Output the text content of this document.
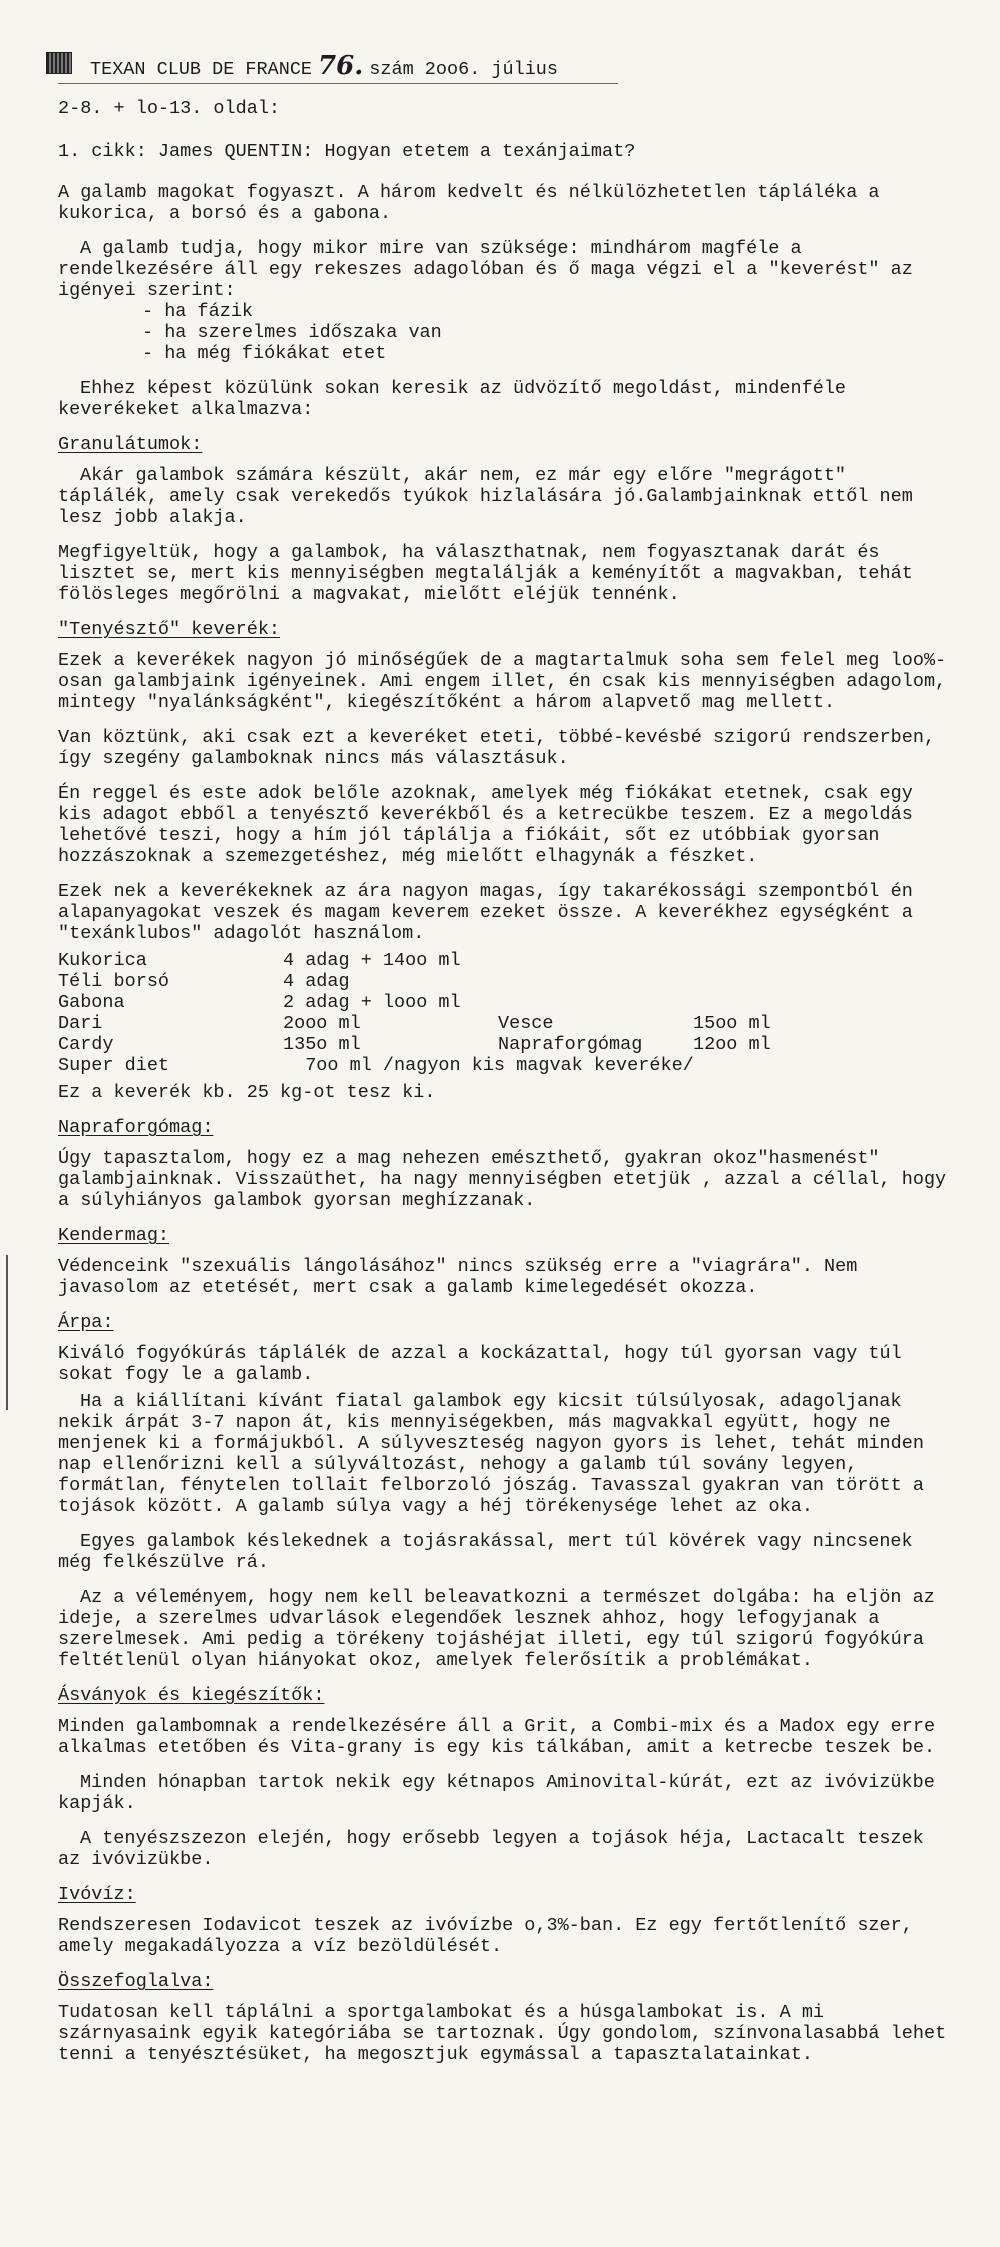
TEXAN CLUB DE FRANCE 76. szám 2oo6. július

2-8. + lo-13. oldal:

1. cikk: James QUENTIN: Hogyan etetem a texánjaimat?

A galamb magokat fogyaszt. A három kedvelt és nélkülözhetetlen tápláléka a kukorica, a borsó és a gabona.

A galamb tudja, hogy mikor mire van szüksége: mindhárom magféle a rendelkezésére áll egy rekeszes adagolóban és ő maga végzi el a "keverést" az igényei szerint:

- ha fázik

- ha szerelmes időszaka van

- ha még fiókákat etet

Ehhez képest közülünk sokan keresik az üdvözítő megoldást, mindenféle keverékeket alkalmazva:

Granulátumok:

Akár galambok számára készült, akár nem, ez már egy előre "megrágott" táplálék, amely csak verekedős tyúkok hizlalására jó.Galambjainknak ettől nem lesz jobb alakja.

Megfigyeltük, hogy a galambok, ha választhatnak, nem fogyasztanak darát és lisztet se, mert kis mennyiségben megtalálják a keményítőt a magvakban, tehát fölösleges megőrölni a magvakat, mielőtt eléjük tennénk.

"Tenyésztő" keverék:

Ezek a keverékek nagyon jó minőségűek de a magtartalmuk soha sem felel meg loo%-osan galambjaink igényeinek. Ami engem illet, én csak kis mennyiségben adagolom, mintegy "nyalánkságként", kiegészítőként a három alapvető mag mellett.

Van köztünk, aki csak ezt a keveréket eteti, többé-kevésbé szigorú rendszerben, így szegény galamboknak nincs más választásuk.

Én reggel és este adok belőle azoknak, amelyek még fiókákat etetnek, csak egy kis adagot ebből a tenyésztő keverékből és a ketrecükbe teszem. Ez a megoldás lehetővé teszi, hogy a hím jól táplálja a fiókáit, sőt ez utóbbiak gyorsan hozzászoknak a szemezgetéshez, még mielőtt elhagynák a fészket.

Ezek nek a keverékeknek az ára nagyon magas, így takarékossági szempontból én alapanyagokat veszek és magam keverem ezeket össze. A keverékhez egységként a "texánklubos" adagolót használom.

Kukorica	4 adag + 14oo ml		
Téli borsó	4 adag		
Gabona	2 adag + looo ml		
Dari	2ooo ml	Vesce	15oo ml
Cardy	135o ml	Napraforgómag	12oo ml
Super diet	7oo ml /nagyon kis magvak keveréke/		

Ez a keverék kb. 25 kg-ot tesz ki.

Napraforgómag:

Úgy tapasztalom, hogy ez a mag nehezen emészthető, gyakran okoz"hasmenést" galambjainknak. Visszaüthet, ha nagy mennyiségben etetjük , azzal a céllal, hogy a súlyhiányos galambok gyorsan meghízzanak.

Kendermag:

Védenceink "szexuális lángolásához" nincs szükség erre a "viagrára". Nem javasolom az etetését, mert csak a galamb kimelegedését okozza.

Árpa:

Kiváló fogyókúrás táplálék de azzal a kockázattal, hogy túl gyorsan vagy túl sokat fogy le a galamb.

Ha a kiállítani kívánt fiatal galambok egy kicsit túlsúlyosak, adagoljanak nekik árpát 3-7 napon át, kis mennyiségekben, más magvakkal együtt, hogy ne menjenek ki a formájukból. A súlyveszteség nagyon gyors is lehet, tehát minden nap ellenőrizni kell a súlyváltozást, nehogy a galamb túl sovány legyen, formátlan, fénytelen tollait felborzoló jószág. Tavasszal gyakran van törött a tojások között. A galamb súlya vagy a héj törékenysége lehet az oka.

Egyes galambok késlekednek a tojásrakással, mert túl kövérek vagy nincsenek még felkészülve rá.

Az a véleményem, hogy nem kell beleavatkozni a természet dolgába: ha eljön az ideje, a szerelmes udvarlások elegendőek lesznek ahhoz, hogy lefogyjanak a szerelmesek. Ami pedig a törékeny tojáshéjat illeti, egy túl szigorú fogyókúra feltétlenül olyan hiányokat okoz, amelyek felerősítik a problémákat.

Ásványok és kiegészítők:

Minden galambomnak a rendelkezésére áll a Grit, a Combi-mix és a Madox egy erre alkalmas etetőben és Vita-grany is egy kis tálkában, amit a ketrecbe teszek be.

Minden hónapban tartok nekik egy kétnapos Aminovital-kúrát, ezt az ivóvizükbe kapják.

A tenyészszezon elején, hogy erősebb legyen a tojások héja, Lactacalt teszek az ivóvizükbe.

Ivóvíz:

Rendszeresen Iodavicot teszek az ivóvízbe o,3%-ban. Ez egy fertőtlenítő szer, amely megakadályozza a víz bezöldülését.

Összefoglalva:

Tudatosan kell táplálni a sportgalambokat és a húsgalambokat is. A mi szárnyasaink egyik kategóriába se tartoznak. Úgy gondolom, színvonalasabbá lehet tenni a tenyésztésüket, ha megosztjuk egymással a tapasztalatainkat.
